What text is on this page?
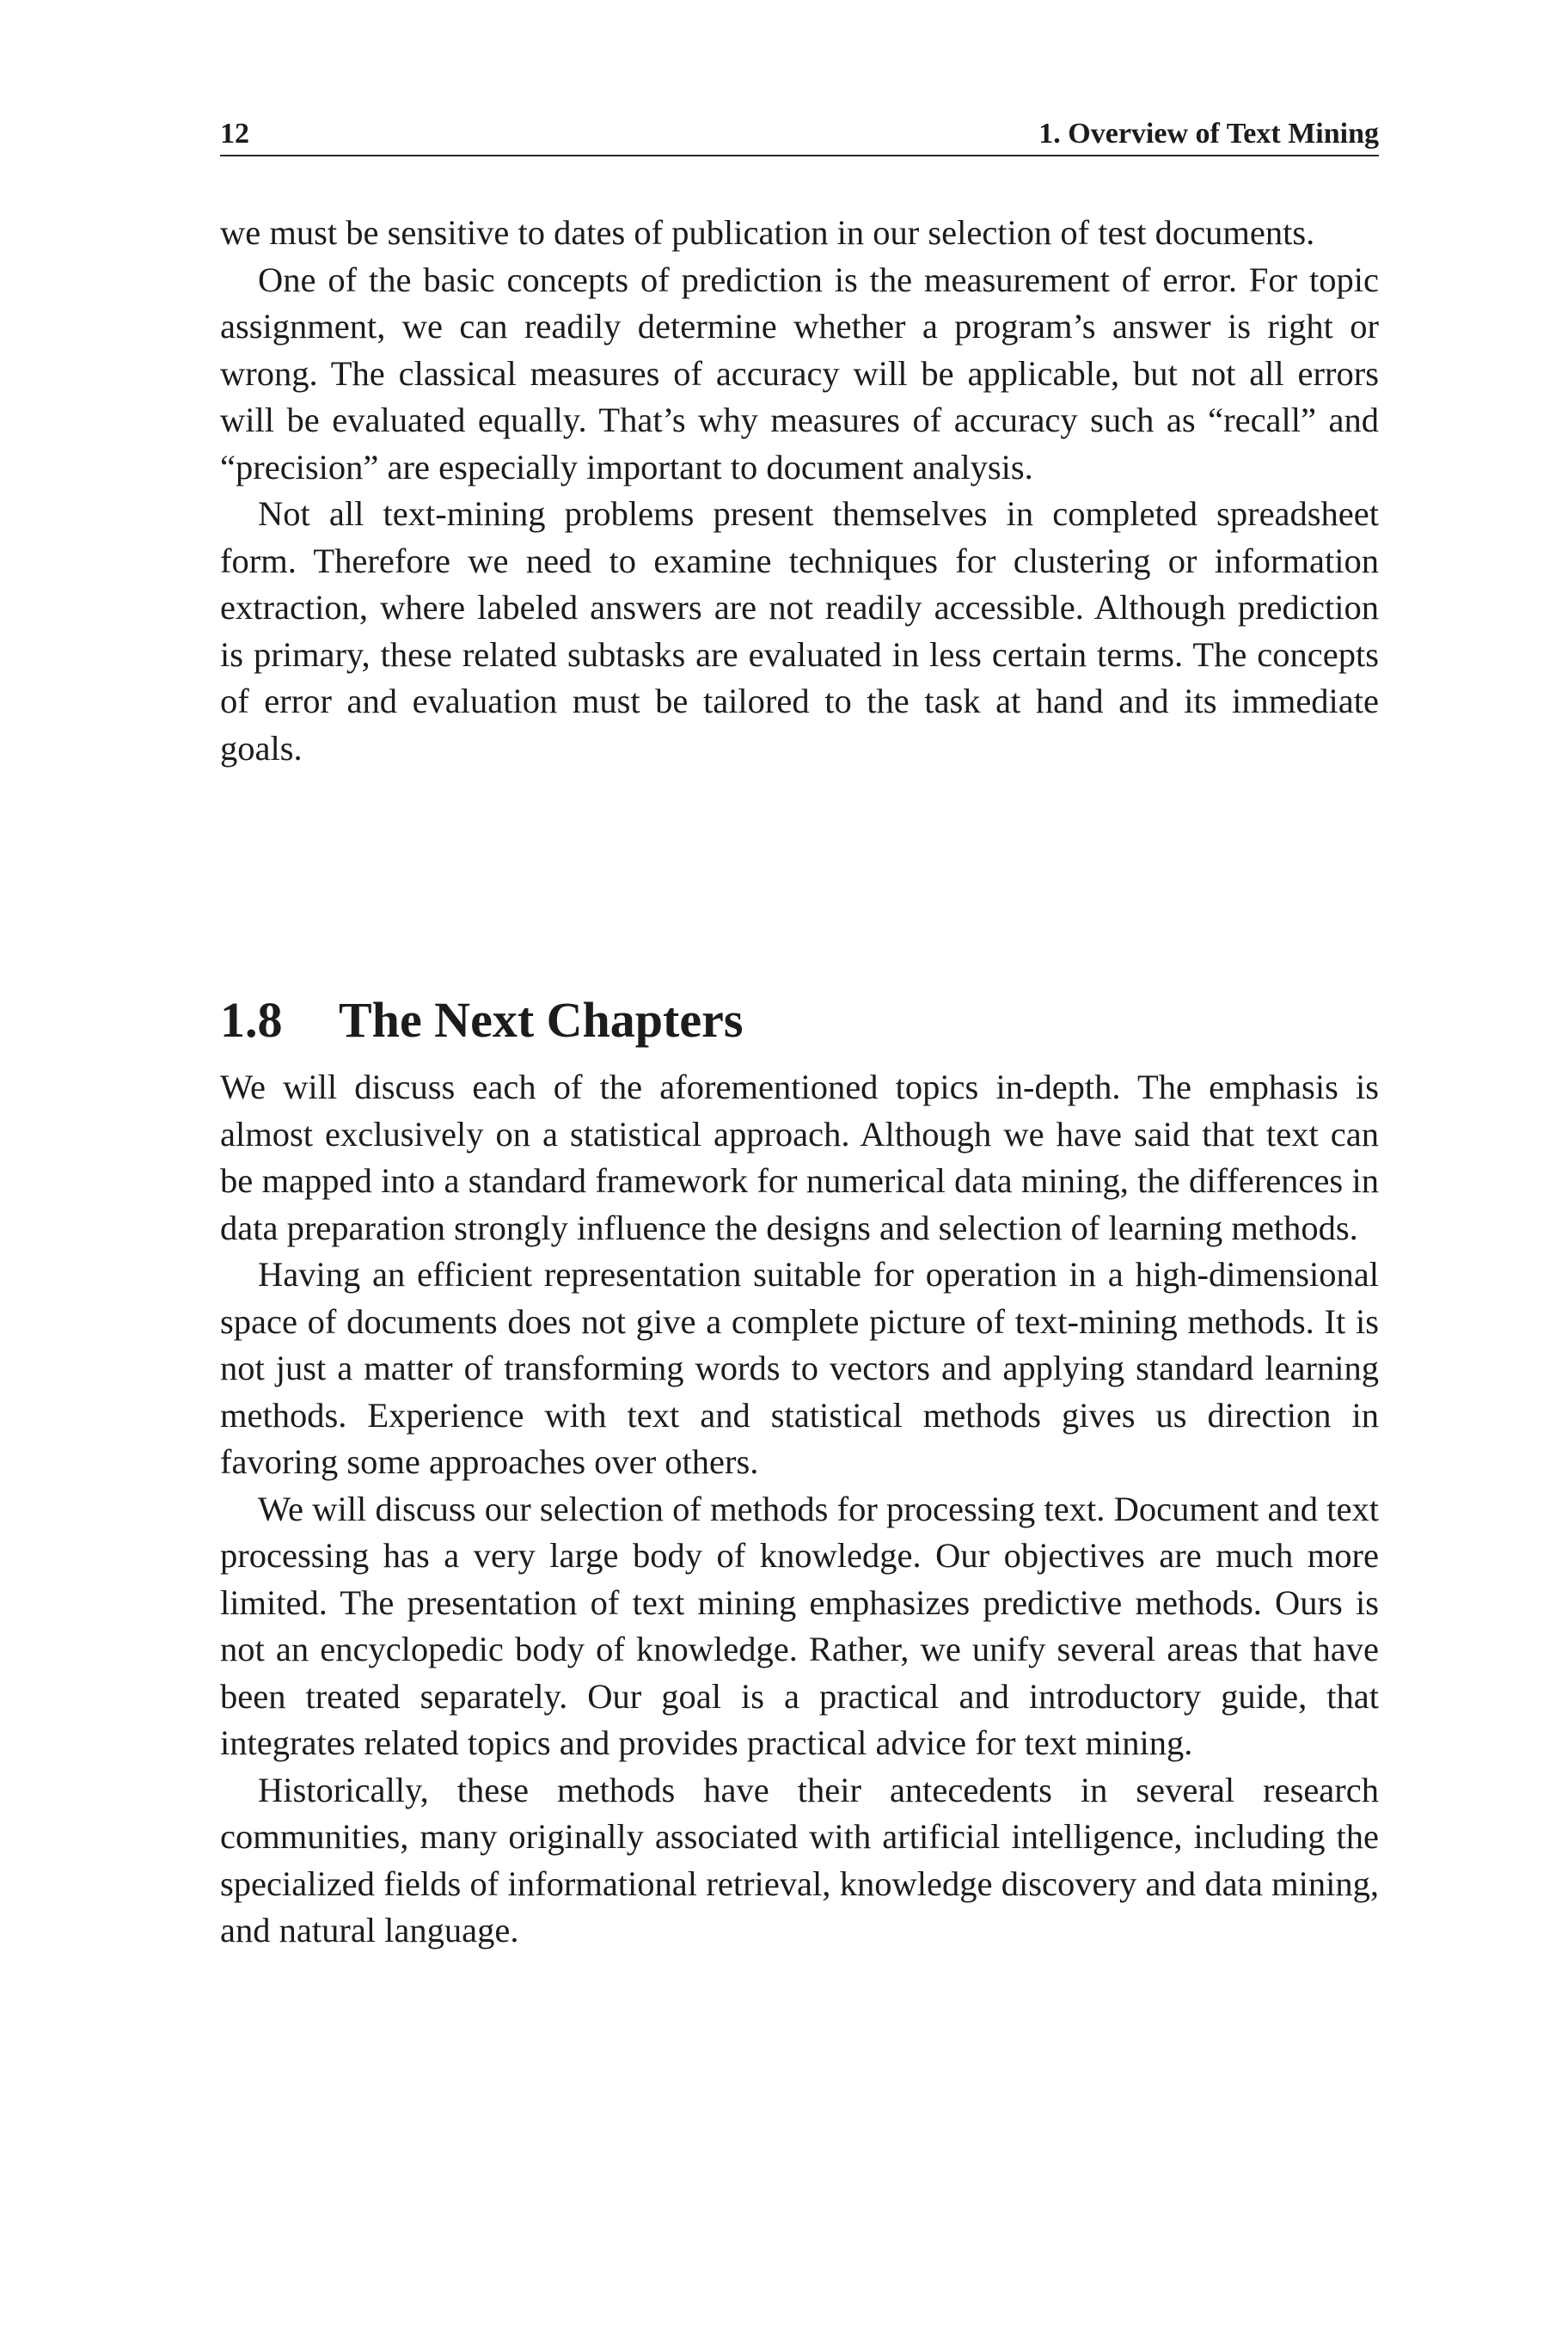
12	1. Overview of Text Mining

we must be sensitive to dates of publication in our selection of test documents.

One of the basic concepts of prediction is the measurement of error. For topic assignment, we can readily determine whether a program’s answer is right or wrong. The classical measures of accuracy will be applicable, but not all errors will be evaluated equally. That’s why measures of accuracy such as “recall” and “precision” are especially important to document analysis.

Not all text-mining problems present themselves in completed spreadsheet form. Therefore we need to examine techniques for clustering or information extraction, where labeled answers are not readily accessible. Although prediction is primary, these related subtasks are evaluated in less certain terms. The concepts of error and evaluation must be tailored to the task at hand and its immediate goals.

1.8 The Next Chapters

We will discuss each of the aforementioned topics in-depth. The emphasis is almost exclusively on a statistical approach. Although we have said that text can be mapped into a standard framework for numerical data mining, the differences in data preparation strongly influence the designs and selection of learning methods.

Having an efficient representation suitable for operation in a high-dimensional space of documents does not give a complete picture of text-mining methods. It is not just a matter of transforming words to vectors and applying standard learning methods. Experience with text and statistical methods gives us direction in favoring some approaches over others.

We will discuss our selection of methods for processing text. Document and text processing has a very large body of knowledge. Our objectives are much more limited. The presentation of text mining emphasizes predictive methods. Ours is not an encyclopedic body of knowledge. Rather, we unify several areas that have been treated separately. Our goal is a practical and introductory guide, that integrates related topics and provides practical advice for text mining.

Historically, these methods have their antecedents in several research communities, many originally associated with artificial intelligence, including the specialized fields of informational retrieval, knowledge discovery and data mining, and natural language.
